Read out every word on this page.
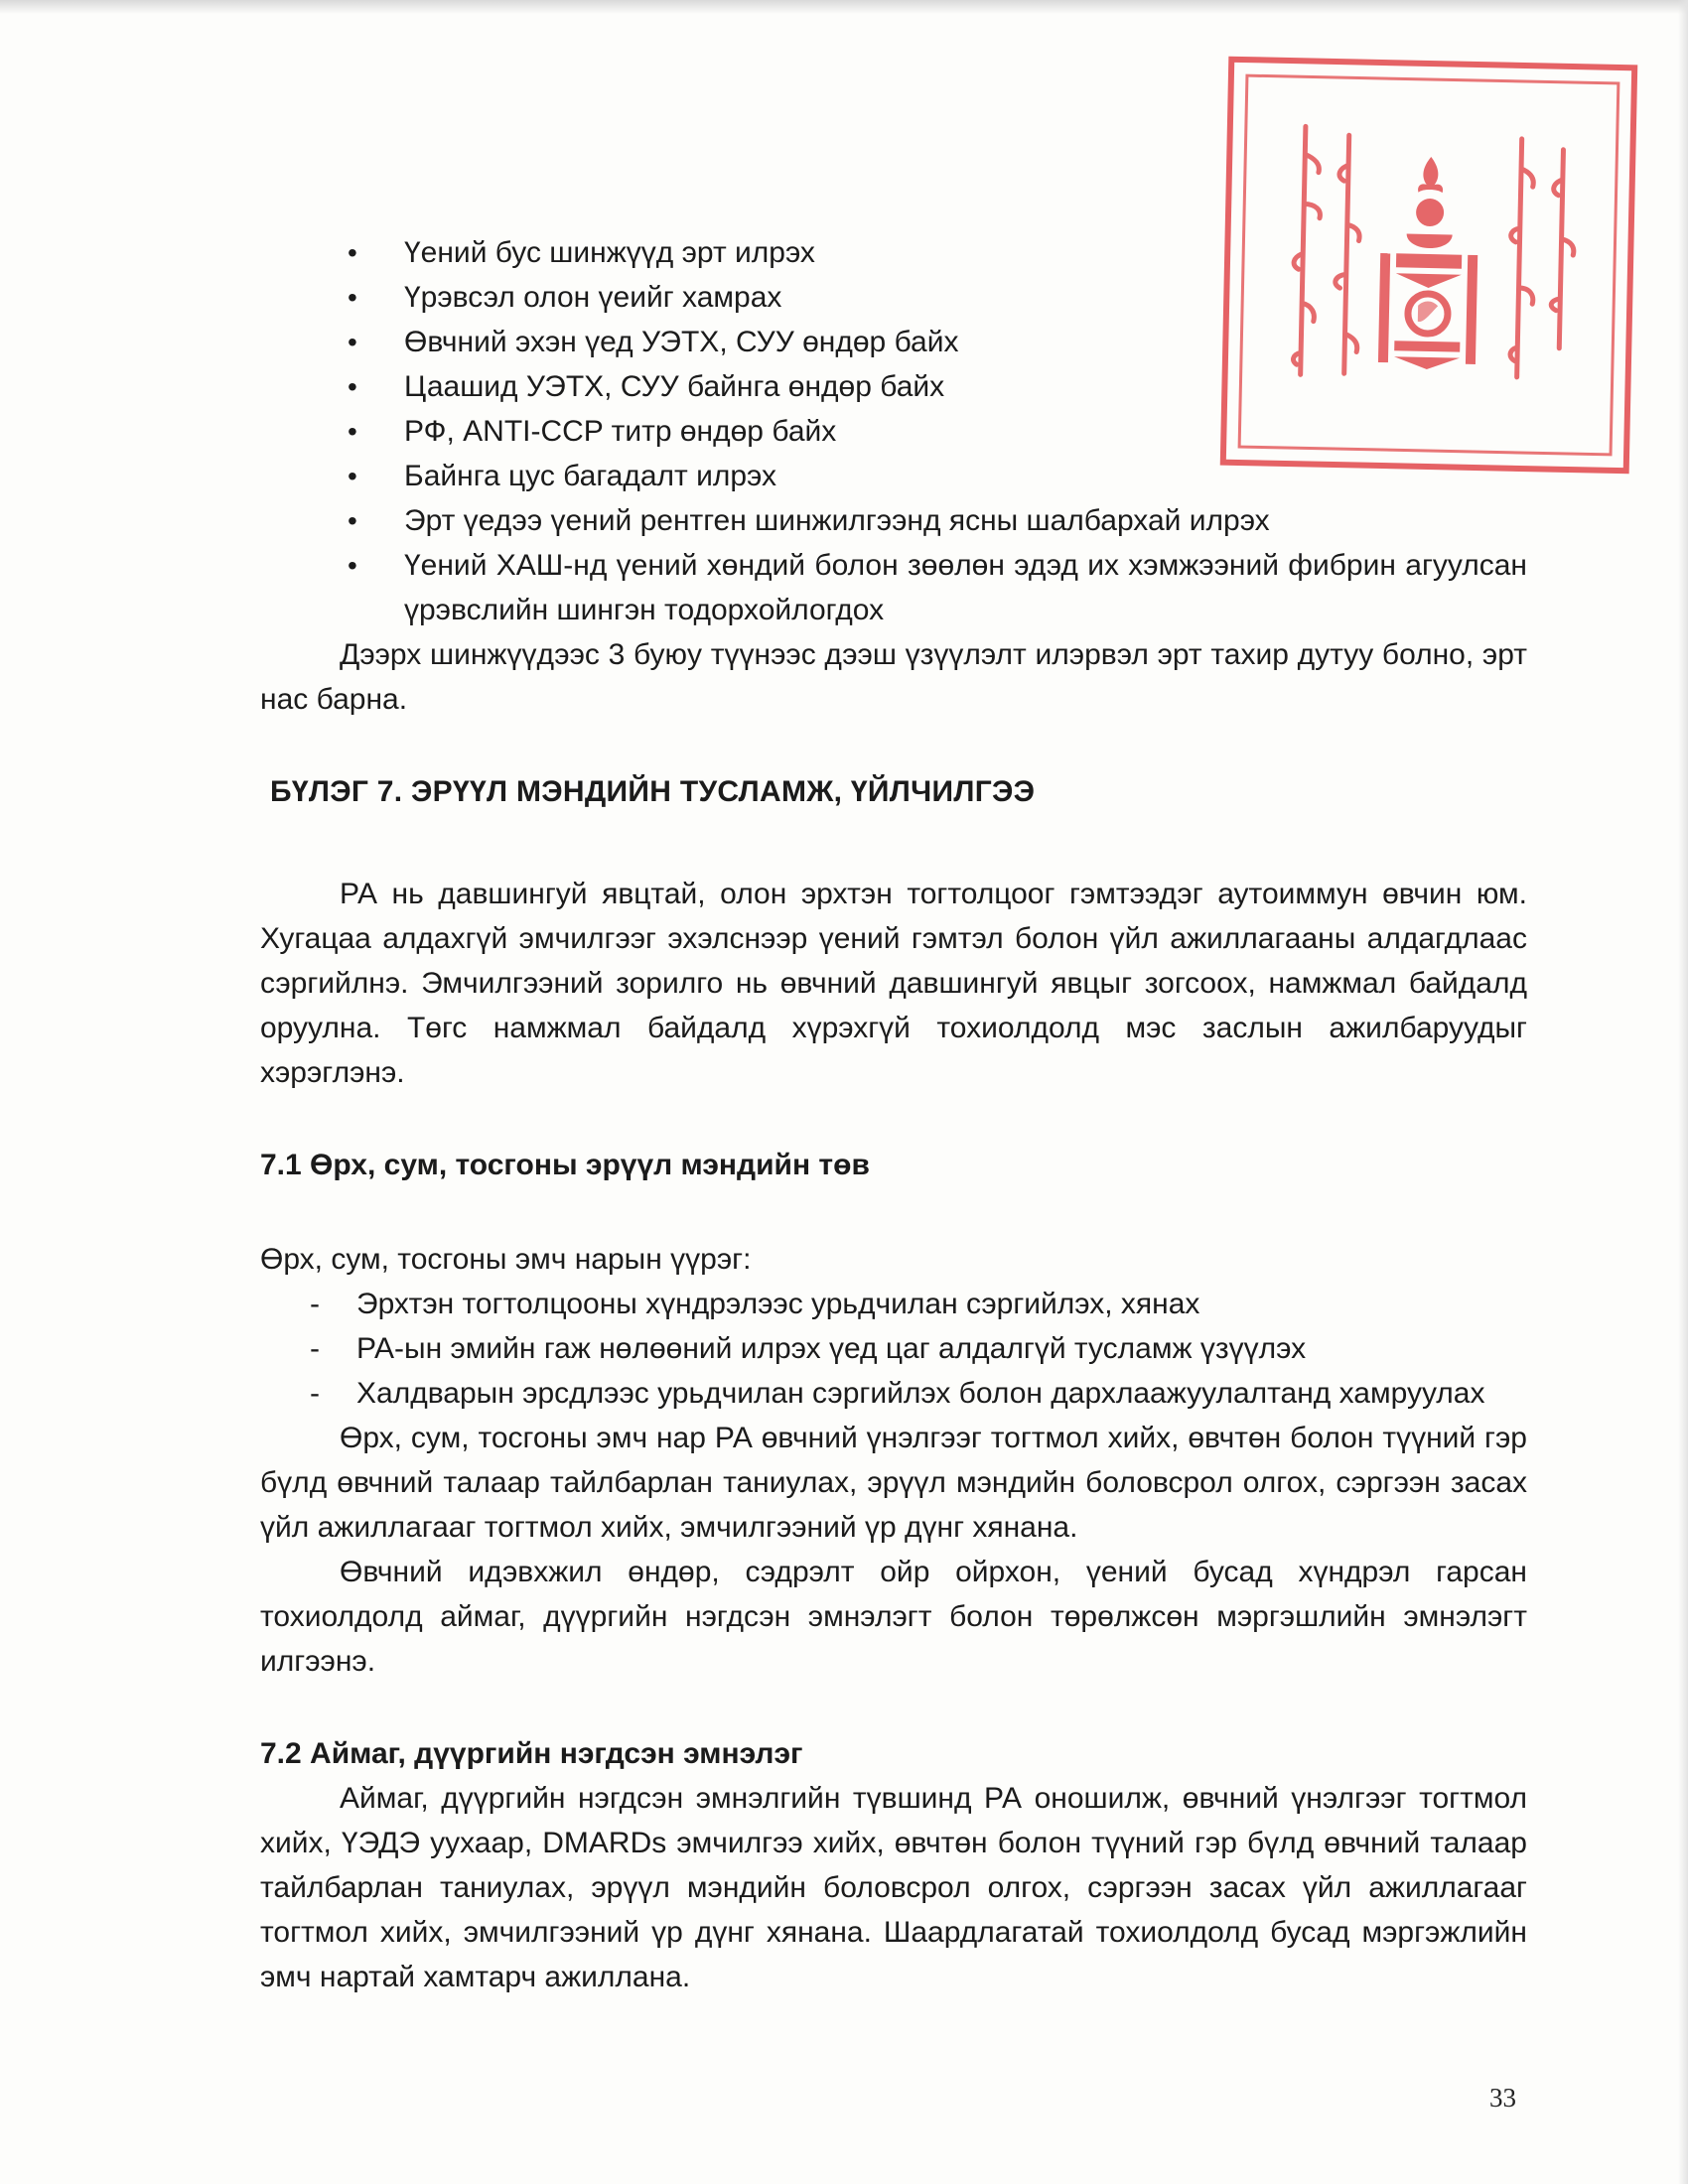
• Үений бус шинжүүд эрт илрэх
• Үрэвсэл олон үеийг хамрах
• Өвчний эхэн үед УЭТХ, СУУ өндөр байх
• Цаашид УЭТХ, СУУ байнга өндөр байх
• РФ, ANTI-CCP титр өндөр байх
• Байнга цус багадалт илрэх
• Эрт үедээ үений рентген шинжилгээнд ясны шалбархай илрэх
• Үений ХАШ-нд үений хөндий болон зөөлөн эдэд их хэмжээний фибрин агуулсан үрэвслийн шингэн тодорхойлогдох

Дээрх шинжүүдээс 3 буюу түүнээс дээш үзүүлэлт илэрвэл эрт тахир дутуу болно, эрт нас барна.

БҮЛЭГ 7. ЭРҮҮЛ МЭНДИЙН ТУСЛАМЖ, ҮЙЛЧИЛГЭЭ

РА нь давшингуй явцтай, олон эрхтэн тогтолцоог гэмтээдэг аутоиммун өвчин юм. Хугацаа алдахгүй эмчилгээг эхэлснээр үений гэмтэл болон үйл ажиллагааны алдагдлаас сэргийлнэ. Эмчилгээний зорилго нь өвчний давшингуй явцыг зогсоох, намжмал байдалд оруулна. Төгс намжмал байдалд хүрэхгүй тохиолдолд мэс заслын ажилбаруудыг хэрэглэнэ.

7.1 Өрх, сум, тосгоны эрүүл мэндийн төв

Өрх, сум, тосгоны эмч нарын үүрэг:

- Эрхтэн тогтолцооны хүндрэлээс урьдчилан сэргийлэх, хянах
- РА-ын эмийн гаж нөлөөний илрэх үед цаг алдалгүй тусламж үзүүлэх
- Халдварын эрсдлээс урьдчилан сэргийлэх болон дархлаажуулалтанд хамруулах

Өрх, сум, тосгоны эмч нар РА өвчний үнэлгээг тогтмол хийх, өвчтөн болон түүний гэр бүлд өвчний талаар тайлбарлан таниулах, эрүүл мэндийн боловсрол олгох, сэргээн засах үйл ажиллагааг тогтмол хийх, эмчилгээний үр дүнг хянана.

Өвчний идэвхжил өндөр, сэдрэлт ойр ойрхон, үений бусад хүндрэл гарсан тохиолдолд аймаг, дүүргийн нэгдсэн эмнэлэгт болон төрөлжсөн мэргэшлийн эмнэлэгт илгээнэ.

7.2 Аймаг, дүүргийн нэгдсэн эмнэлэг

Аймаг, дүүргийн нэгдсэн эмнэлгийн түвшинд РА оношилж, өвчний үнэлгээг тогтмол хийх, ҮЭДЭ уухаар, DMARDs эмчилгээ хийх, өвчтөн болон түүний гэр бүлд өвчний талаар тайлбарлан таниулах, эрүүл мэндийн боловсрол олгох, сэргээн засах үйл ажиллагааг тогтмол хийх, эмчилгээний үр дүнг хянана. Шаардлагатай тохиолдолд бусад мэргэжлийн эмч нартай хамтарч ажиллана.

33
